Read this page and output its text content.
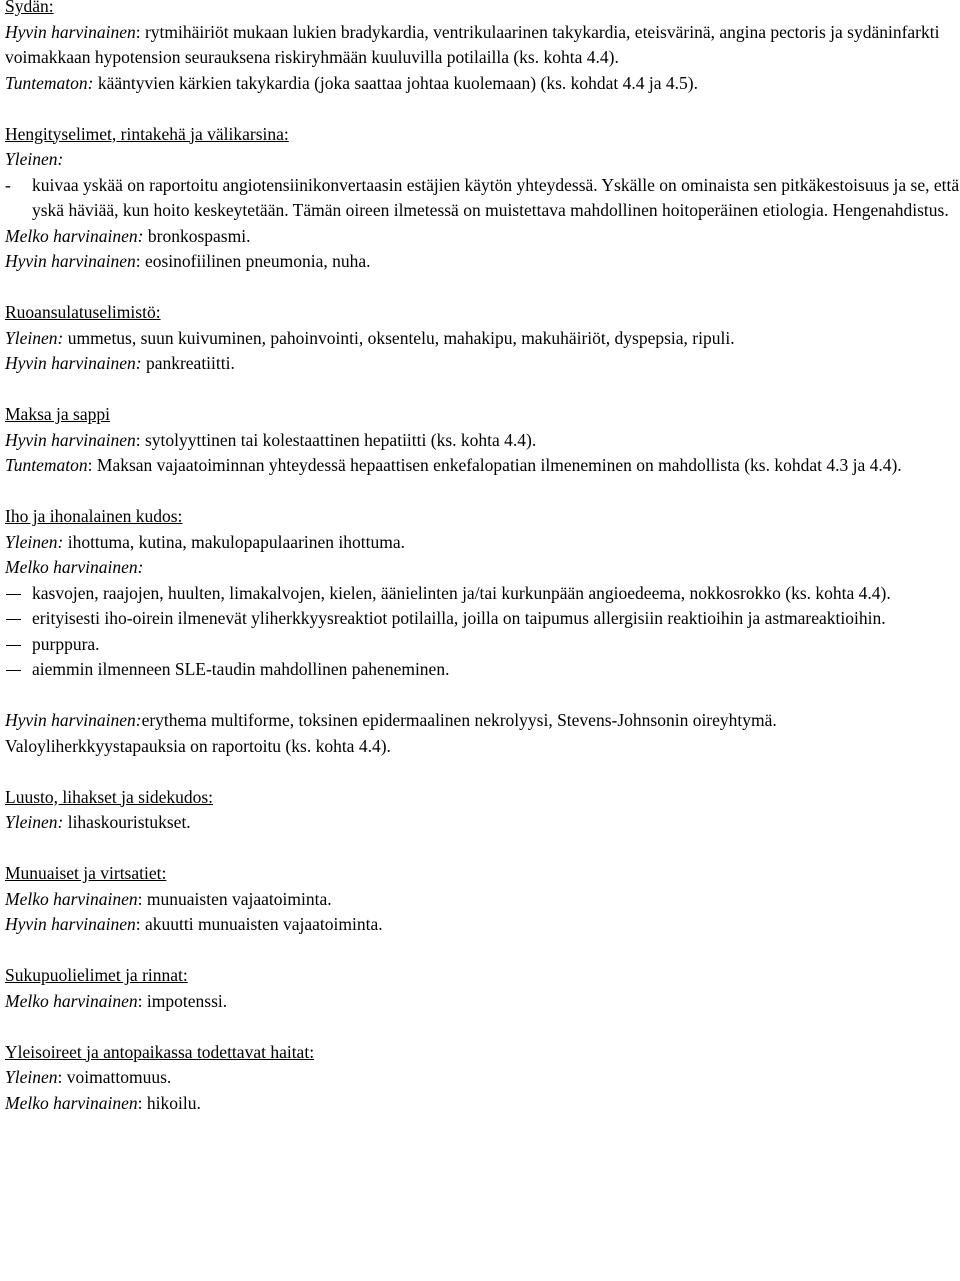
Sydän:

Hyvin harvinainen: rytmihäiriöt mukaan lukien bradykardia, ventrikulaarinen takykardia, eteisvärinä, angina pectoris ja sydäninfarkti voimakkaan hypotension seurauksena riskiryhmään kuuluvilla potilailla (ks. kohta 4.4).

Tuntematon: kääntyvien kärkien takykardia (joka saattaa johtaa kuolemaan) (ks. kohdat 4.4 ja 4.5).

Hengityselimet, rintakehä ja välikarsina:

Yleinen:

-	kuivaa yskää on raportoitu angiotensiinikonvertaasin estäjien käytön yhteydessä. Yskälle on ominaista sen pitkäkestoisuus ja se, että yskä häviää, kun hoito keskeytetään. Tämän oireen ilmetessä on muistettava mahdollinen hoitoperäinen etiologia. Hengenahdistus.

Melko harvinainen: bronkospasmi.

Hyvin harvinainen: eosinofiilinen pneumonia, nuha.

Ruoansulatuselimistö:

Yleinen: ummetus, suun kuivuminen, pahoinvointi, oksentelu, mahakipu, makuhäiriöt, dyspepsia, ripuli.

Hyvin harvinainen: pankreatiitti.

Maksa ja sappi

Hyvin harvinainen: sytolyyttinen tai kolestaattinen hepatiitti (ks. kohta 4.4).

Tuntematon: Maksan vajaatoiminnan yhteydessä hepaattisen enkefalopatian ilmeneminen on mahdollista (ks. kohdat 4.3 ja 4.4).

Iho ja ihonalainen kudos:

Yleinen: ihottuma, kutina, makulopapulaarinen ihottuma.

Melko harvinainen:

kasvojen, raajojen, huulten, limakalvojen, kielen, äänielinten ja/tai kurkunpään angioedeema, nokkosrokko (ks. kohta 4.4).
erityisesti iho-oirein ilmenevät yliherkkyysreaktiot potilailla, joilla on taipumus allergisiin reaktioihin ja astmareaktioihin.
purppura.
aiemmin ilmenneen SLE-taudin mahdollinen paheneminen.

Hyvin harvinainen:erythema multiforme, toksinen epidermaalinen nekrolyysi, Stevens-Johnsonin oireyhtymä.

Valoyliherkkyystapauksia on raportoitu (ks. kohta 4.4).

Luusto, lihakset ja sidekudos:

Yleinen: lihaskouristukset.

Munuaiset ja virtsatiet:

Melko harvinainen: munuaisten vajaatoiminta.

Hyvin harvinainen: akuutti munuaisten vajaatoiminta.

Sukupuolielimet ja rinnat:

Melko harvinainen: impotenssi.

Yleisoireet ja antopaikassa todettavat haitat:

Yleinen: voimattomuus.

Melko harvinainen: hikoilu.
